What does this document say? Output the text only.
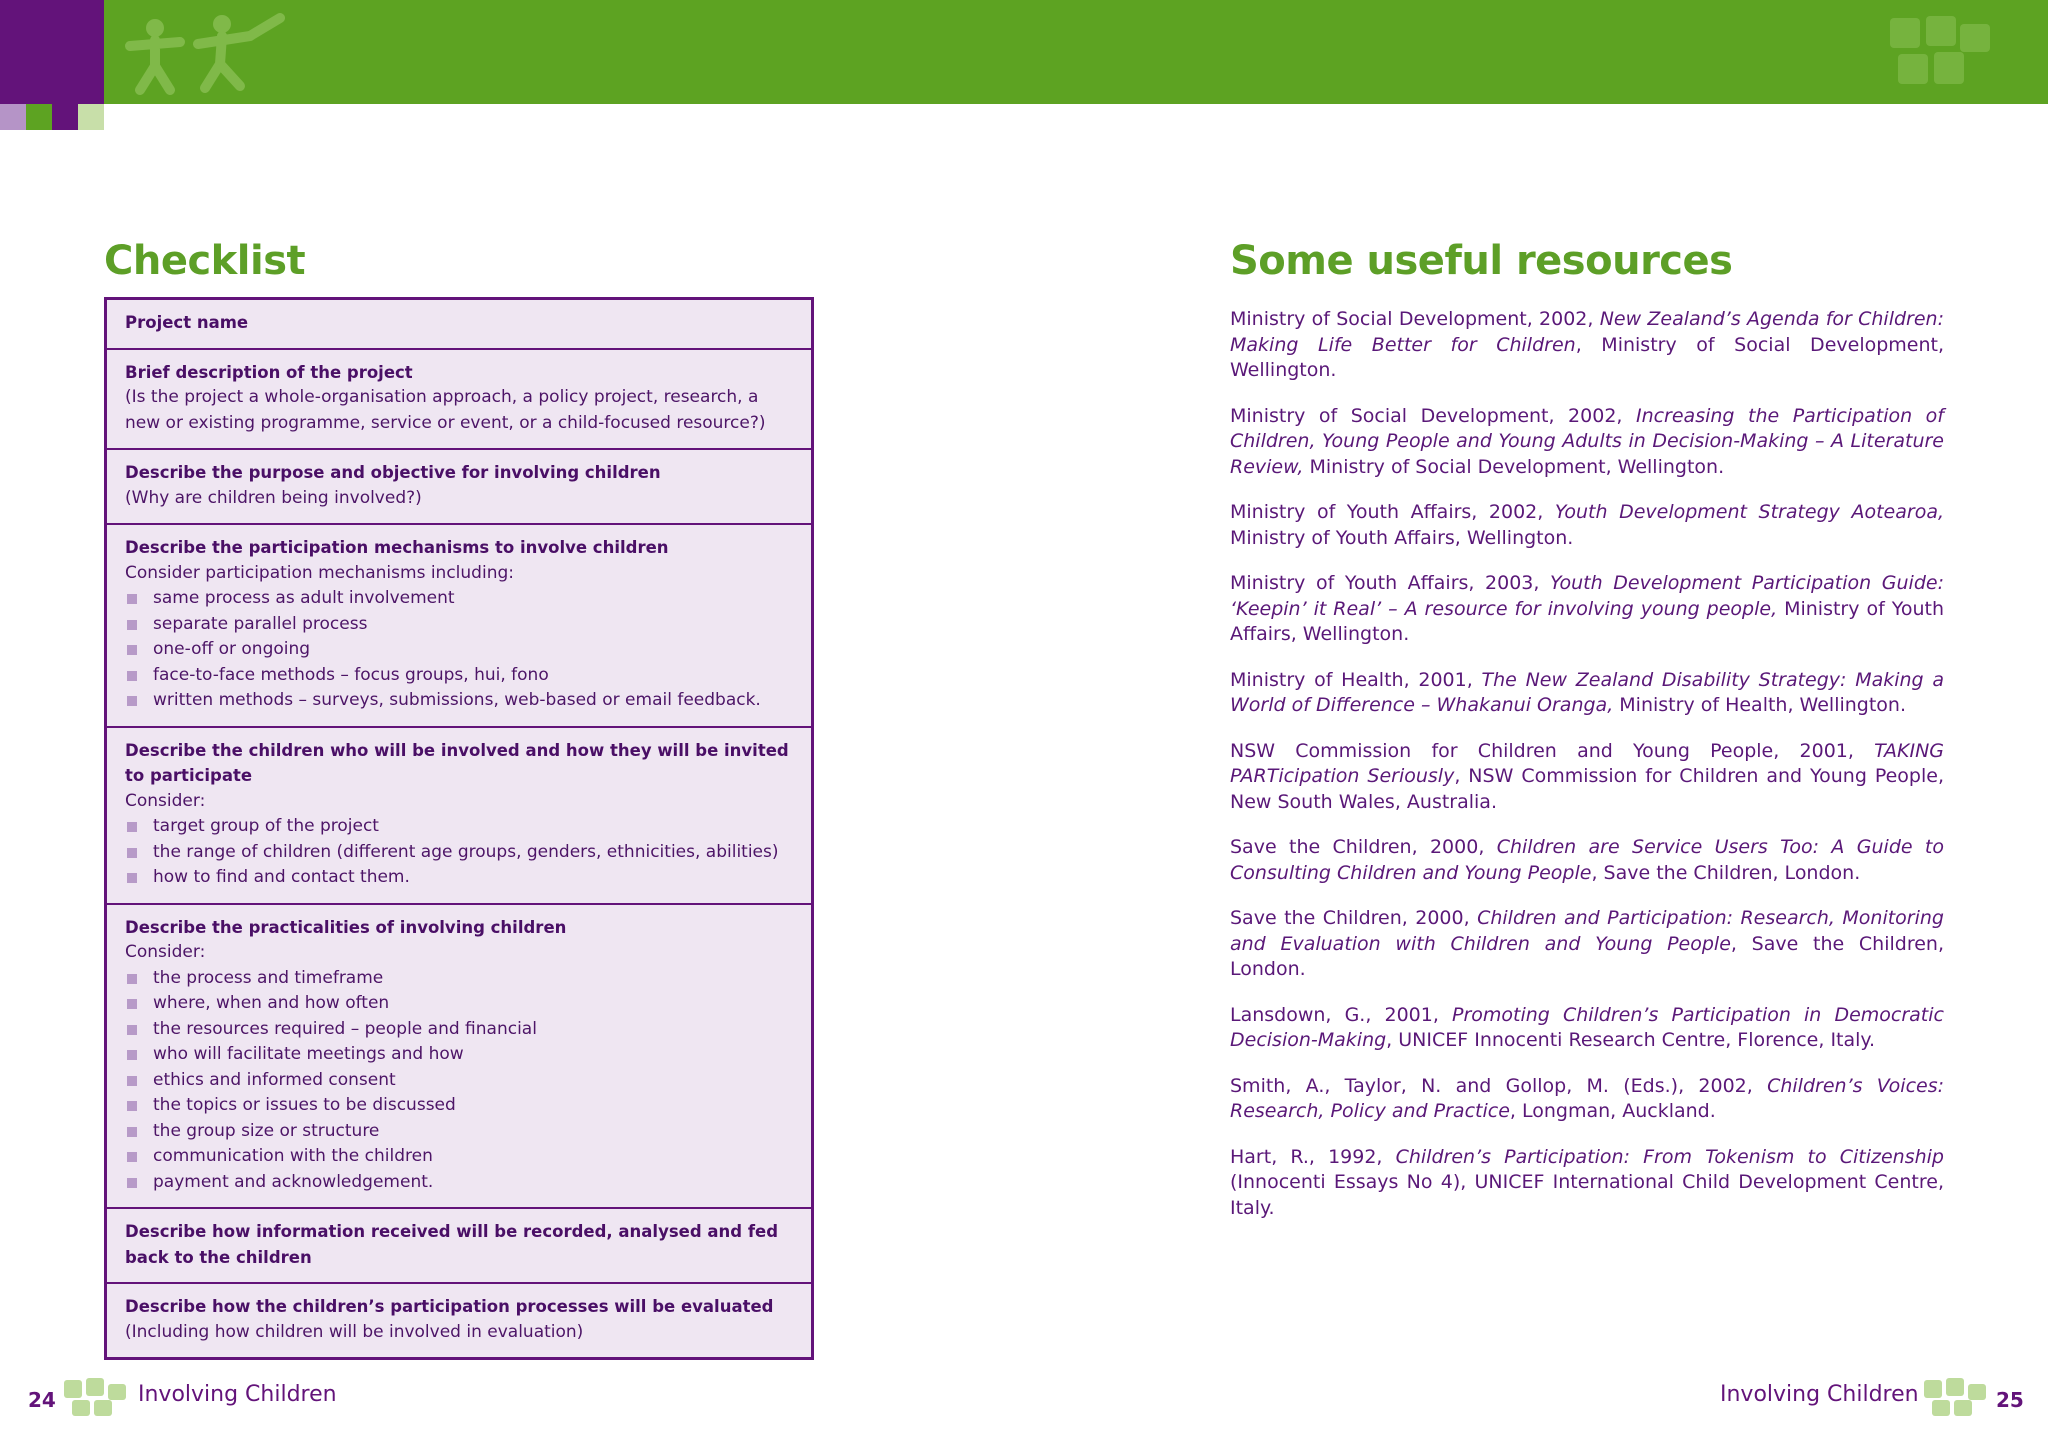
Checklist
Project name
Brief description of the project
(Is the project a whole-organisation approach, a policy project, research, a new or existing programme, service or event, or a child-focused resource?)
Describe the purpose and objective for involving children
(Why are children being involved?)
Describe the participation mechanisms to involve children
Consider participation mechanisms including:
same process as adult involvement
separate parallel process
one-off or ongoing
face-to-face methods – focus groups, hui, fono
written methods – surveys, submissions, web-based or email feedback.
Describe the children who will be involved and how they will be invited to participate
Consider:
target group of the project
the range of children (different age groups, genders, ethnicities, abilities)
how to find and contact them.
Describe the practicalities of involving children
Consider:
the process and timeframe
where, when and how often
the resources required – people and financial
who will facilitate meetings and how
ethics and informed consent
the topics or issues to be discussed
the group size or structure
communication with the children
payment and acknowledgement.
Describe how information received will be recorded, analysed and fed back to the children
Describe how the children’s participation processes will be evaluated
(Including how children will be involved in evaluation)
Some useful resources

Ministry of Social Development, 2002, New Zealand’s Agenda for Children: Making Life Better for Children, Ministry of Social Development, Wellington.

Ministry of Social Development, 2002, Increasing the Participation of Children, Young People and Young Adults in Decision-Making – A Literature Review, Ministry of Social Development, Wellington.

Ministry of Youth Affairs, 2002, Youth Development Strategy Aotearoa, Ministry of Youth Affairs, Wellington.

Ministry of Youth Affairs, 2003, Youth Development Participation Guide: ‘Keepin’ it Real’ – A resource for involving young people, Ministry of Youth Affairs, Wellington.

Ministry of Health, 2001, The New Zealand Disability Strategy: Making a World of Difference – Whakanui Oranga, Ministry of Health, Wellington.

NSW Commission for Children and Young People, 2001, TAKING PARTicipation Seriously, NSW Commission for Children and Young People, New South Wales, Australia.

Save the Children, 2000, Children are Service Users Too: A Guide to Consulting Children and Young People, Save the Children, London.

Save the Children, 2000, Children and Participation: Research, Monitoring and Evaluation with Children and Young People, Save the Children, London.

Lansdown, G., 2001, Promoting Children’s Participation in Democratic Decision-Making, UNICEF Innocenti Research Centre, Florence, Italy.

Smith, A., Taylor, N. and Gollop, M. (Eds.), 2002, Children’s Voices: Research, Policy and Practice, Longman, Auckland.

Hart, R., 1992, Children’s Participation: From Tokenism to Citizenship (Innocenti Essays No 4), UNICEF International Child Development Centre, Italy.

24	Involving Children	Involving Children	25
